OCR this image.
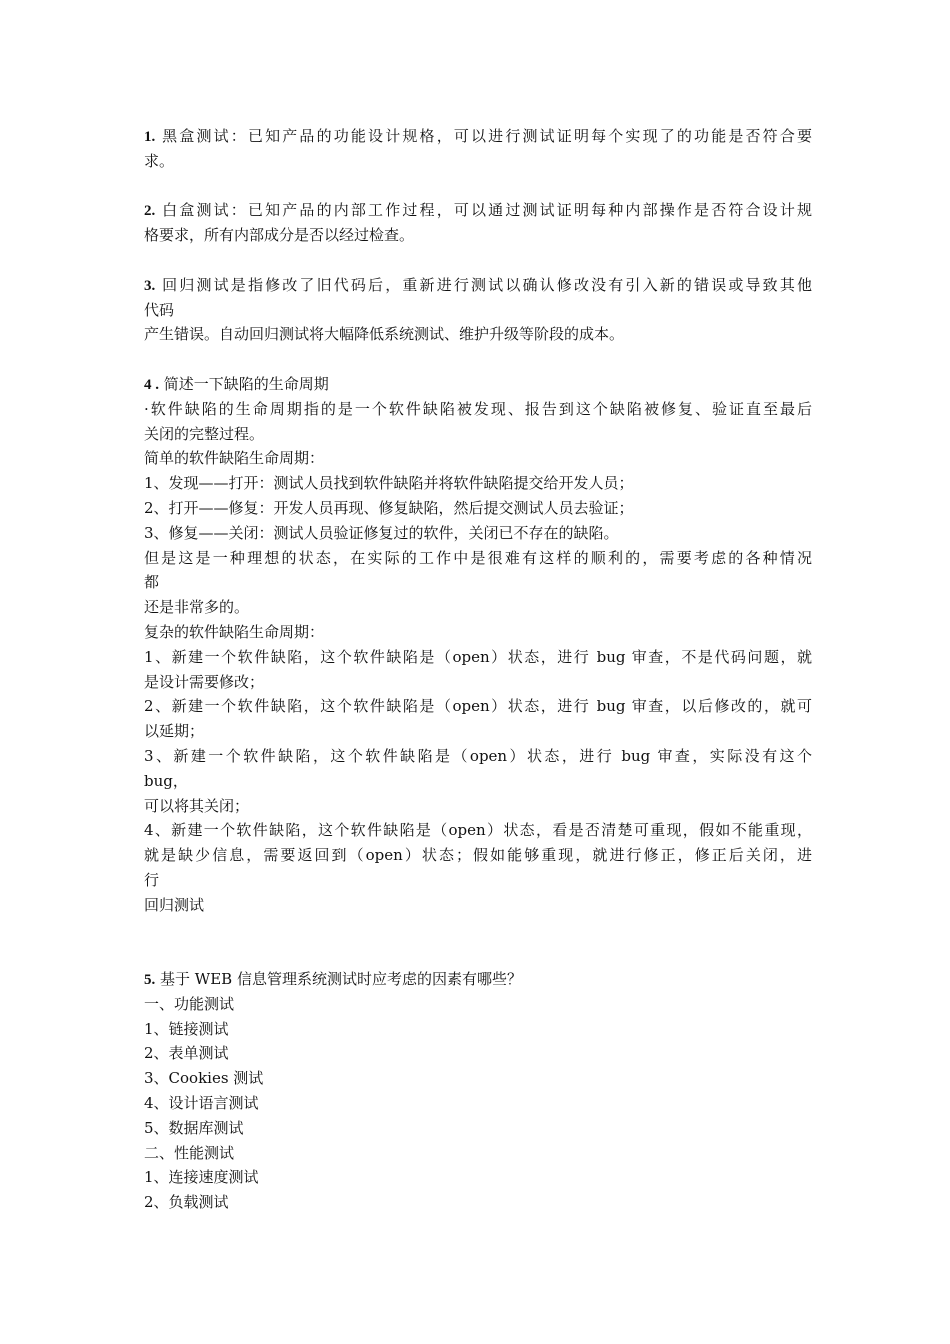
1. 黑盒测试：已知产品的功能设计规格，可以进行测试证明每个实现了的功能是否符合要
求。
2. 白盒测试：已知产品的内部工作过程，可以通过测试证明每种内部操作是否符合设计规
格要求，所有内部成分是否以经过检查。
3. 回归测试是指修改了旧代码后，重新进行测试以确认修改没有引入新的错误或导致其他
代码
产生错误。自动回归测试将大幅降低系统测试、维护升级等阶段的成本。
4 . 简述一下缺陷的生命周期
·软件缺陷的生命周期指的是一个软件缺陷被发现、报告到这个缺陷被修复、验证直至最后
关闭的完整过程。
简单的软件缺陷生命周期：
1、发现——打开：测试人员找到软件缺陷并将软件缺陷提交给开发人员；
2、打开——修复：开发人员再现、修复缺陷，然后提交测试人员去验证；
3、修复——关闭：测试人员验证修复过的软件，关闭已不存在的缺陷。
但是这是一种理想的状态，在实际的工作中是很难有这样的顺利的，需要考虑的各种情况
都
还是非常多的。
复杂的软件缺陷生命周期：
1、新建一个软件缺陷，这个软件缺陷是（open）状态，进行 bug 审查，不是代码问题，就
是设计需要修改；
2、新建一个软件缺陷，这个软件缺陷是（open）状态，进行 bug 审查，以后修改的，就可
以延期；
3、新建一个软件缺陷，这个软件缺陷是（open）状态，进行 bug 审查，实际没有这个
bug，
可以将其关闭；
4、新建一个软件缺陷，这个软件缺陷是（open）状态，看是否清楚可重现，假如不能重现，
就是缺少信息，需要返回到（open）状态；假如能够重现，就进行修正，修正后关闭，进
行
回归测试
5. 基于 WEB 信息管理系统测试时应考虑的因素有哪些？
一、功能测试
1、链接测试
2、表单测试
3、Cookies 测试
4、设计语言测试
5、数据库测试
二、性能测试
1、连接速度测试
2、负载测试
